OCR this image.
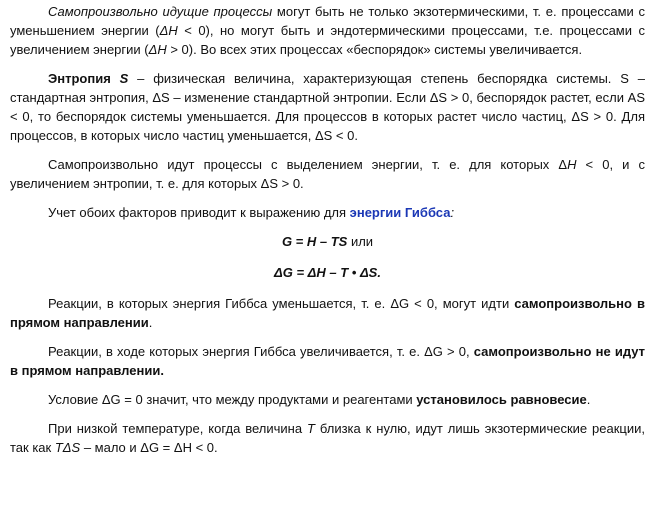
Самопроизвольно идущие процессы могут быть не только экзотермическими, т. е. процессами с уменьшением энергии (ΔH < 0), но могут быть и эндотермическими процессами, т.е. процессами с увеличением энергии (ΔH > 0). Во всех этих процессах «беспорядок» системы увеличивается.

Энтропия S – физическая величина, характеризующая степень беспорядка системы. S – стандартная энтропия, ΔS – изменение стандартной энтропии. Если ΔS > 0, беспорядок растет, если AS < 0, то беспорядок системы уменьшается. Для процессов в которых растет число частиц, ΔS > 0. Для процессов, в которых число частиц уменьшается, ΔS < 0.

Самопроизвольно идут процессы с выделением энергии, т. е. для которых ΔH < 0, и с увеличением энтропии, т. е. для которых ΔS > 0.

Учет обоих факторов приводит к выражению для энергии Гиббса:

G = H – TS или

ΔG = ΔH – T • ΔS.

Реакции, в которых энергия Гиббса уменьшается, т. е. ΔG < 0, могут идти самопроизвольно в прямом направлении.

Реакции, в ходе которых энергия Гиббса увеличивается, т. е. ΔG > 0, самопроизвольно не идут в прямом направлении.

Условие ΔG = 0 значит, что между продуктами и реагентами установилось равновесие.

При низкой температуре, когда величина T близка к нулю, идут лишь экзотермические реакции, так как TΔS – мало и ΔG = ΔH < 0.
